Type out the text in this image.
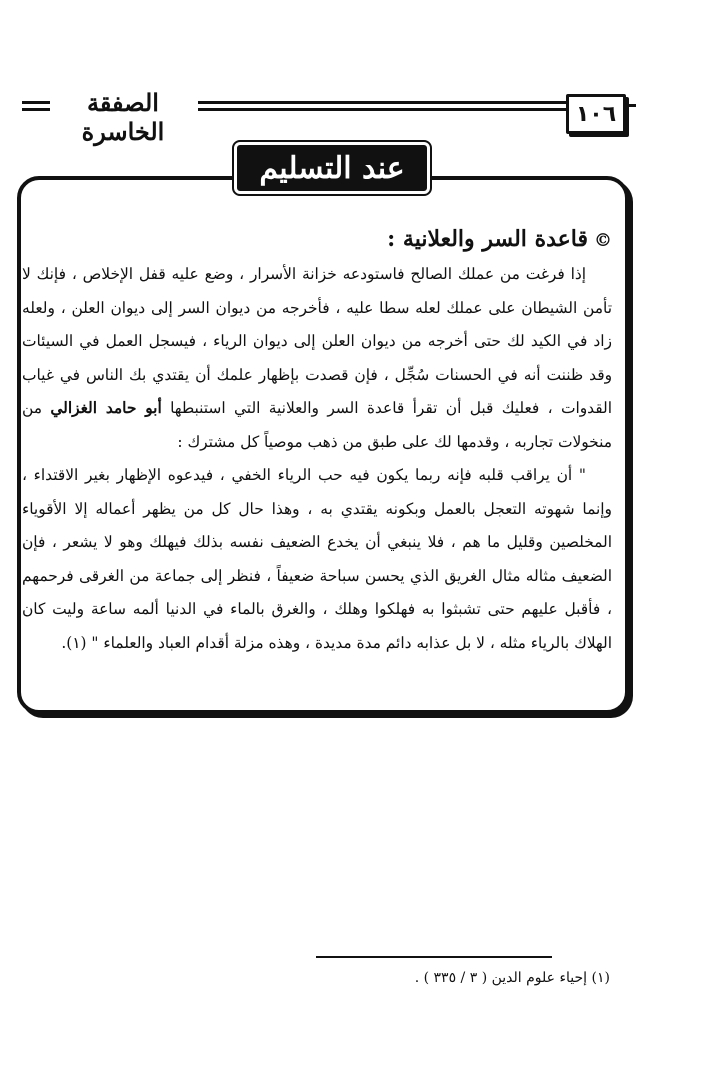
الصفقة الخاسرة
١٠٦
عند التسليم
©قاعدة السر والعلانية :

إذا فرغت من عملك الصالح فاستودعه خزانة الأسرار ، وضع عليه قفل الإخلاص ، فإنك لا تأمن الشيطان على عملك لعله سطا عليه ، فأخرجه من ديوان السر إلى ديوان العلن ، ولعله زاد في الكيد لك حتى أخرجه من ديوان العلن إلى ديوان الرياء ، فيسجل العمل في السيئات وقد ظننت أنه في الحسنات سُجِّل ، فإن قصدت بإظهار علمك أن يقتدي بك الناس في غياب القدوات ، فعليك قبل أن تقرأ قاعدة السر والعلانية التي استنبطها أبو حامد الغزالي من منخولات تجاربه ، وقدمها لك على طبق من ذهب موصياً كل مشترك :

" أن يراقب قلبه فإنه ربما يكون فيه حب الرياء الخفي ، فيدعوه الإظهار بغير الاقتداء ، وإنما شهوته التعجل بالعمل وبكونه يقتدي به ، وهذا حال كل من يظهر أعماله إلا الأقوياء المخلصين وقليل ما هم ، فلا ينبغي أن يخدع الضعيف نفسه بذلك فيهلك وهو لا يشعر ، فإن الضعيف مثاله مثال الغريق الذي يحسن سباحة ضعيفاً ، فنظر إلى جماعة من الغرقى فرحمهم ، فأقبل عليهم حتى تشبثوا به فهلكوا وهلك ، والغرق بالماء في الدنيا ألمه ساعة وليت كان الهلاك بالرياء مثله ، لا بل عذابه دائم مدة مديدة ، وهذه مزلة أقدام العباد والعلماء " (١).

(١) إحياء علوم الدين ( ٣ / ٣٣٥ ) .
